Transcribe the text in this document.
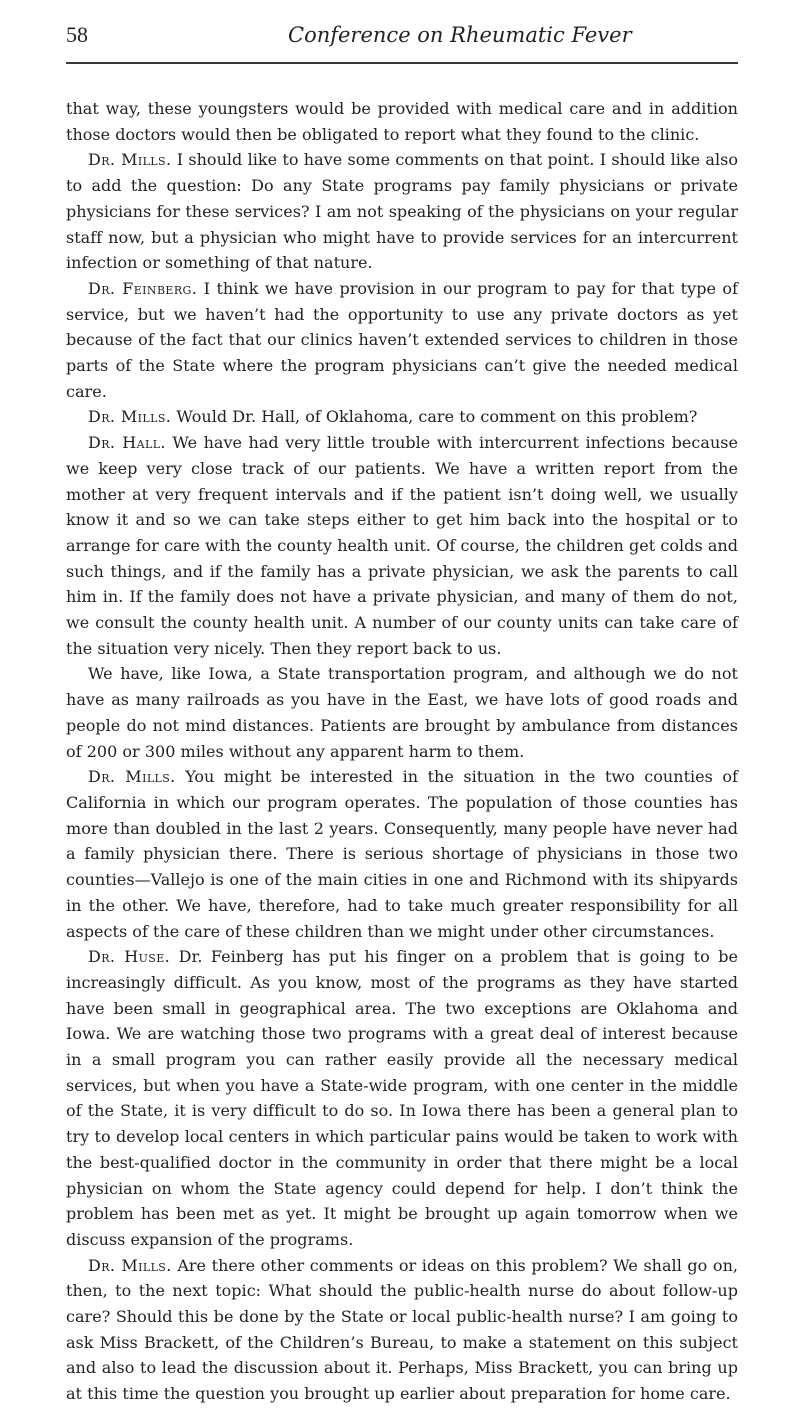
58	Conference on Rheumatic Fever

that way, these youngsters would be provided with medical care and in addition those doctors would then be obligated to report what they found to the clinic.

Dr. Mills. I should like to have some comments on that point. I should like also to add the question: Do any State programs pay family physicians or private physicians for these services? I am not speaking of the physicians on your regular staff now, but a physician who might have to provide services for an intercurrent infection or something of that nature.

Dr. Feinberg. I think we have provision in our program to pay for that type of service, but we haven’t had the opportunity to use any private doctors as yet because of the fact that our clinics haven’t extended services to children in those parts of the State where the program physicians can’t give the needed medical care.

Dr. Mills. Would Dr. Hall, of Oklahoma, care to comment on this problem?

Dr. Hall. We have had very little trouble with intercurrent infections because we keep very close track of our patients. We have a written report from the mother at very frequent intervals and if the patient isn’t doing well, we usually know it and so we can take steps either to get him back into the hospital or to arrange for care with the county health unit. Of course, the children get colds and such things, and if the family has a private physician, we ask the parents to call him in. If the family does not have a private physician, and many of them do not, we consult the county health unit. A number of our county units can take care of the situation very nicely. Then they report back to us.

We have, like Iowa, a State transportation program, and although we do not have as many railroads as you have in the East, we have lots of good roads and people do not mind distances. Patients are brought by ambulance from distances of 200 or 300 miles without any apparent harm to them.

Dr. Mills. You might be interested in the situation in the two counties of California in which our program operates. The population of those counties has more than doubled in the last 2 years. Consequently, many people have never had a family physician there. There is serious shortage of physicians in those two counties—Vallejo is one of the main cities in one and Richmond with its shipyards in the other. We have, therefore, had to take much greater responsibility for all aspects of the care of these children than we might under other circumstances.

Dr. Huse. Dr. Feinberg has put his finger on a problem that is going to be increasingly difficult. As you know, most of the programs as they have started have been small in geographical area. The two exceptions are Oklahoma and Iowa. We are watching those two programs with a great deal of interest because in a small program you can rather easily provide all the necessary medical services, but when you have a State-wide program, with one center in the middle of the State, it is very difficult to do so. In Iowa there has been a general plan to try to develop local centers in which particular pains would be taken to work with the best-qualified doctor in the community in order that there might be a local physician on whom the State agency could depend for help. I don’t think the problem has been met as yet. It might be brought up again tomorrow when we discuss expansion of the programs.

Dr. Mills. Are there other comments or ideas on this problem? We shall go on, then, to the next topic: What should the public-health nurse do about follow-up care? Should this be done by the State or local public-health nurse? I am going to ask Miss Brackett, of the Children’s Bureau, to make a statement on this subject and also to lead the discussion about it. Perhaps, Miss Brackett, you can bring up at this time the question you brought up earlier about preparation for home care.
